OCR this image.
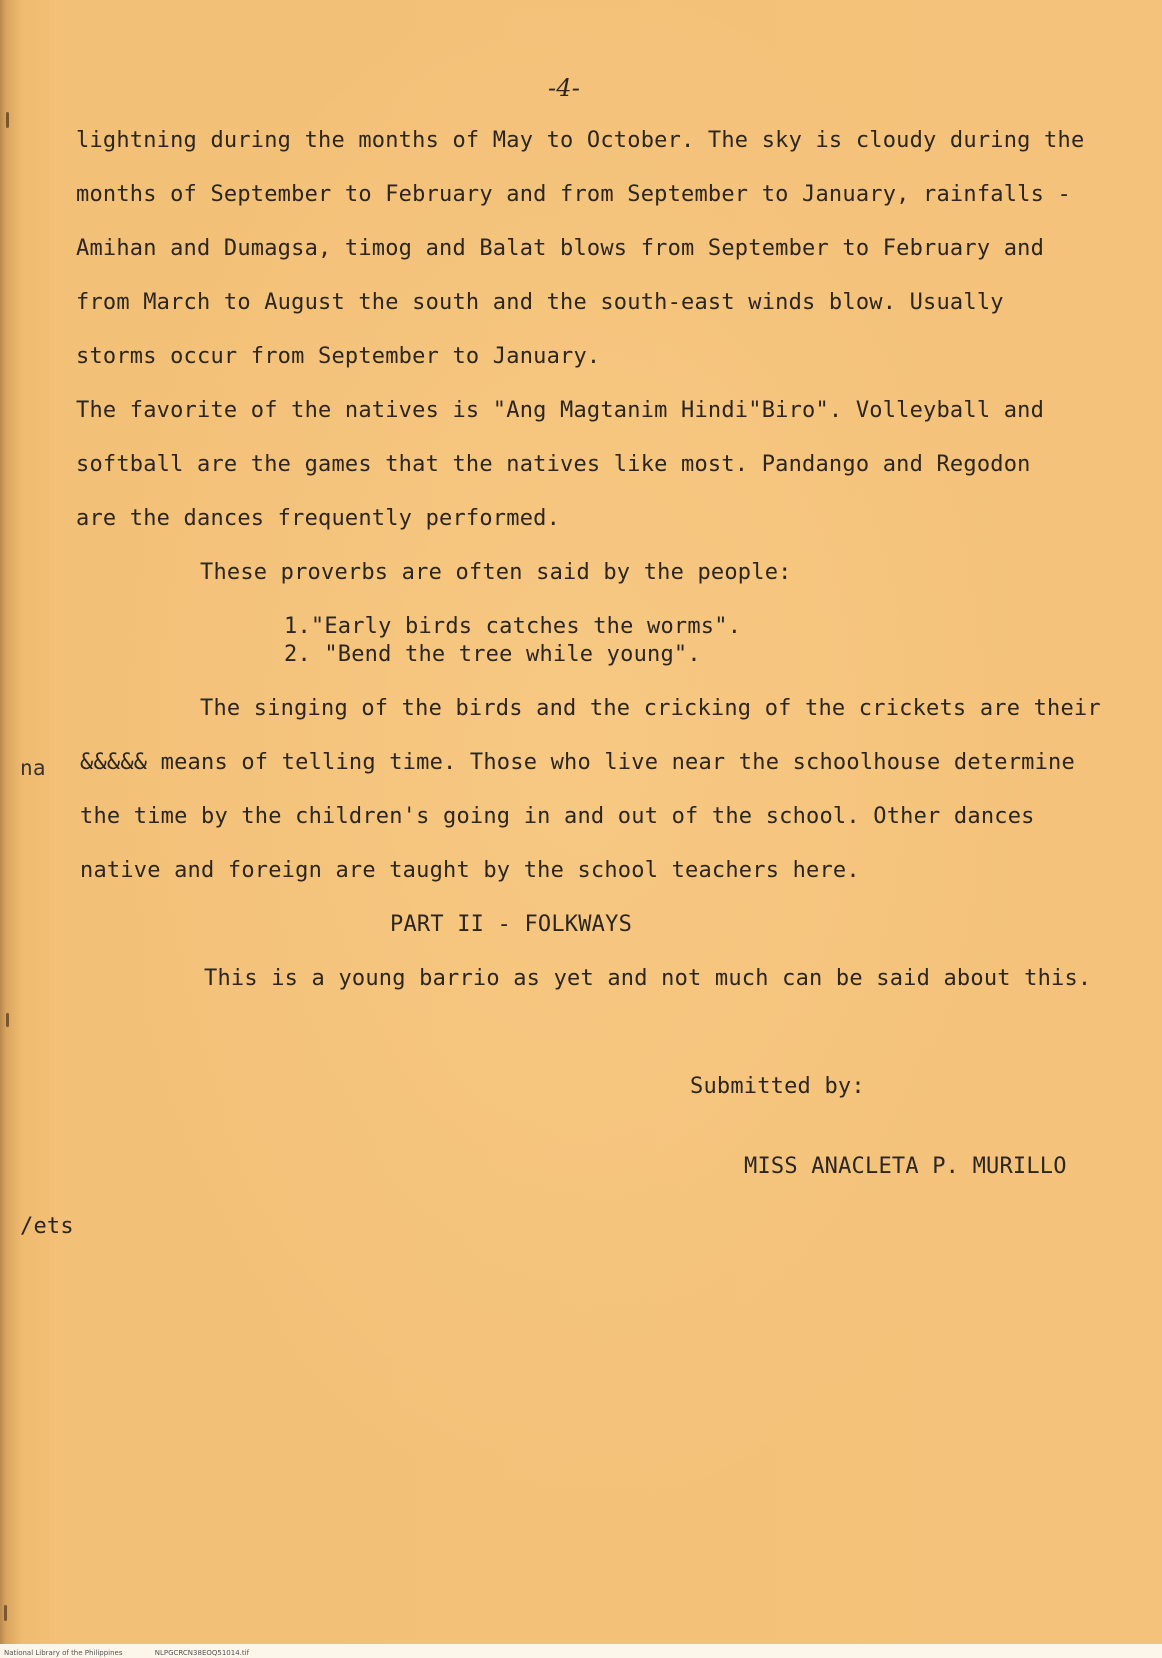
-4-
lightning during the months of May to October. The sky is cloudy during the
months of September to February and from September to January, rainfalls -
Amihan and Dumagsa, timog and Balat blows from September to February and
from March to August the south and the south-east winds blow. Usually
storms occur from September to January.
The favorite of the natives is "Ang Magtanim Hindi"Biro". Volleyball and
softball are the games that the natives like most. Pandango and Regodon
are the dances frequently performed.
These proverbs are often said by the people:
1."Early birds catches the worms".
2. "Bend the tree while young".
The singing of the birds and the cricking of the crickets are their
na &&&&& means of telling time. Those who live near the schoolhouse determine
the time by the children's going in and out of the school. Other dances
native and foreign are taught by the school teachers here.
PART II - FOLKWAYS
This is a young barrio as yet and not much can be said about this.
Submitted by:
MISS ANACLETA P. MURILLO
/ets
National Library of the Philippines	NLPGCRCN38EOQ51014.tif
